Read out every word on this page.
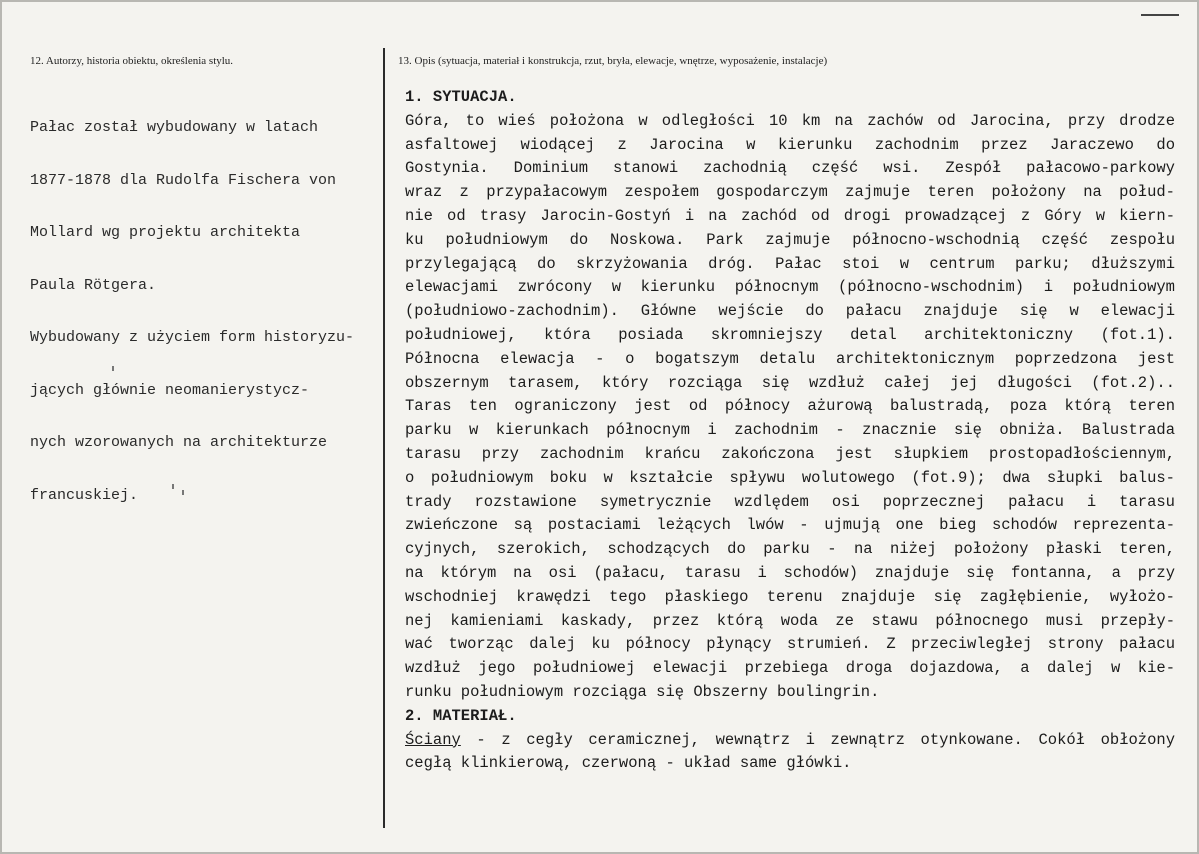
12. Autorzy, historia obiektu, określenia stylu.	13. Opis (sytuacja, materiał i konstrukcja, rzut, bryła, elewacje, wnętrze, wyposażenie, instalacje)

Pałac został wybudowany w latach

1877-1878 dla Rudolfa Fischera von

Mollard wg projektu architekta

Paula Rötgera.

Wybudowany z użyciem form historyzu-

jących głównie neomanierystycz-

nych wzorowanych na architekturze

francuskiej.

1. SYTUACJA.
Góra, to wieś położona w odległości 10 km na zachów od Jarocina, przy drodze
asfaltowej wiodącej z Jarocina w kierunku zachodnim przez Jaraczewo do
Gostynia. Dominium stanowi zachodnią część wsi. Zespół pałacowo-parkowy
wraz z przypałacowym zespołem gospodarczym zajmuje teren położony na połud-
nie od trasy Jarocin-Gostyń i na zachód od drogi prowadzącej z Góry w kiern-
ku południowym do Noskowa. Park zajmuje północno-wschodnią część zespołu
przylegającą do skrzyżowania dróg. Pałac stoi w centrum parku; dłuższymi
elewacjami zwrócony w kierunku północnym (północno-wschodnim) i południowym
(południowo-zachodnim). Główne wejście do pałacu znajduje się w elewacji
południowej, która posiada skromniejszy detal architektoniczny (fot.1).
Północna elewacja - o bogatszym detalu architektonicznym poprzedzona jest
obszernym tarasem, który rozciąga się wzdłuż całej jej długości (fot.2)..
Taras ten ograniczony jest od północy ażurową balustradą, poza którą teren
parku w kierunkach północnym i zachodnim - znacznie się obniża. Balustrada
tarasu przy zachodnim krańcu zakończona jest słupkiem prostopadłościennym,
o południowym boku w kształcie spływu wolutowego (fot.9); dwa słupki balus-
trady rozstawione symetrycznie wzdlędem osi poprzecznej pałacu i tarasu
zwieńczone są postaciami leżących lwów - ujmują one bieg schodów reprezenta-
cyjnych, szerokich, schodzących do parku - na niżej położony płaski teren,
na którym na osi (pałacu, tarasu i schodów) znajduje się fontanna, a przy
wschodniej krawędzi tego płaskiego terenu znajduje się zagłębienie, wyłożo-
nej kamieniami kaskady, przez którą woda ze stawu północnego musi przepły-
wać tworząc dalej ku północy płynący strumień. Z przeciwległej strony pałacu
wzdłuż jego południowej elewacji przebiega droga dojazdowa, a dalej w kie-
runku południowym rozciąga się Obszerny boulingrin.
2. MATERIAŁ.
Ściany - z cegły ceramicznej, wewnątrz i zewnątrz otynkowane. Cokół obłożony
cegłą klinkierową, czerwoną - układ same główki.
